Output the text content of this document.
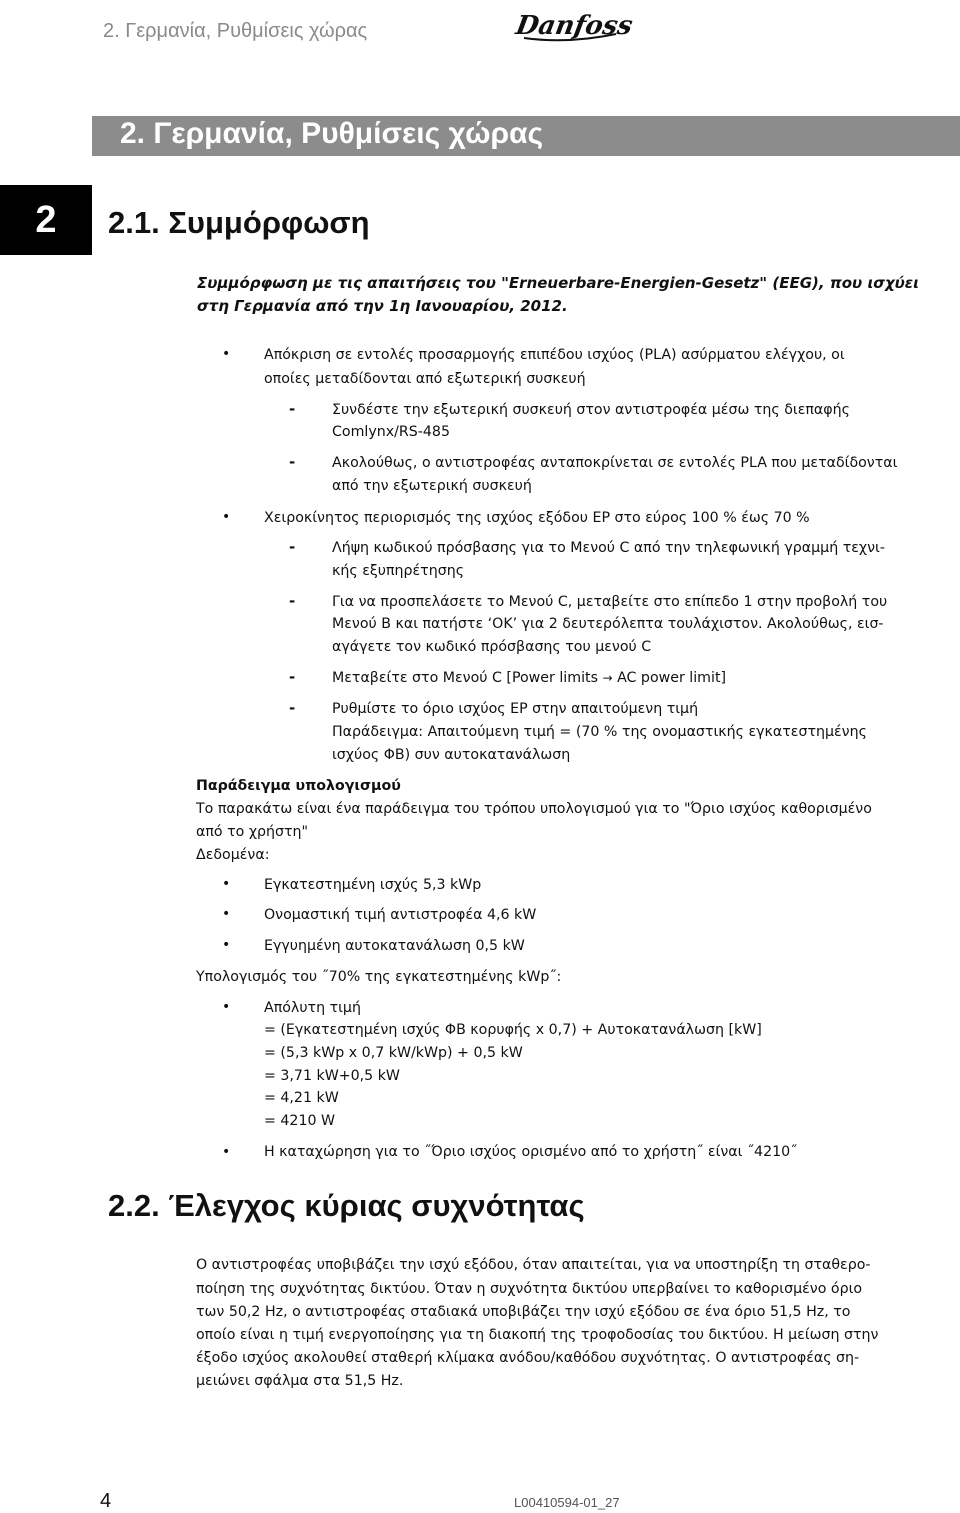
2. Γερμανία, Ρυθμίσεις χώρας	Danfoss
2. Γερμανία, Ρυθμίσεις χώρας
2	2.1. Συμμόρφωση
Συμμόρφωση με τις απαιτήσεις του "Erneuerbare-Energien-Gesetz" (EEG), που ισχύει στη Γερμανία από την 1η Ιανουαρίου, 2012.
• Απόκριση σε εντολές προσαρμογής επιπέδου ισχύος (PLA) ασύρματου ελέγχου, οι
οποίες μεταδίδονται από εξωτερική συσκευή
-	Συνδέστε την εξωτερική συσκευή στον αντιστροφέα μέσω της διεπαφής
Comlynx/RS-485
-	Ακολούθως, ο αντιστροφέας ανταποκρίνεται σε εντολές PLA που μεταδίδονται
από την εξωτερική συσκευή
• Χειροκίνητος περιορισμός της ισχύος εξόδου EP στο εύρος 100 % έως 70 %
-	Λήψη κωδικού πρόσβασης για το Μενού C από την τηλεφωνική γραμμή τεχνι-
κής εξυπηρέτησης
-	Για να προσπελάσετε το Μενού C, μεταβείτε στο επίπεδο 1 στην προβολή του
Μενού B και πατήστε ‘OK’ για 2 δευτερόλεπτα τουλάχιστον. Ακολούθως, εισ-
αγάγετε τον κωδικό πρόσβασης του μενού C
-	Μεταβείτε στο Μενού C [Power limits → AC power limit]
-	Ρυθμίστε το όριο ισχύος EP στην απαιτούμενη τιμή
Παράδειγμα: Απαιτούμενη τιμή = (70 % της ονομαστικής εγκατεστημένης
ισχύος ΦΒ) συν αυτοκατανάλωση
Παράδειγμα υπολογισμού
Το παρακάτω είναι ένα παράδειγμα του τρόπου υπολογισμού για το "Όριο ισχύος καθορισμένο
από το χρήστη"
Δεδομένα:
• Εγκατεστημένη ισχύς 5,3 kWp
• Ονομαστική τιμή αντιστροφέα 4,6 kW
• Εγγυημένη αυτοκατανάλωση 0,5 kW
Υπολογισμός του ˝70% της εγκατεστημένης kWp˝:
• Απόλυτη τιμή
= (Εγκατεστημένη ισχύς ΦΒ κορυφής x 0,7) + Αυτοκατανάλωση [kW]
= (5,3 kWp x 0,7 kW/kWp) + 0,5 kW
= 3,71 kW+0,5 kW
= 4,21 kW
= 4210 W
• Η καταχώρηση για το ˝Όριο ισχύος ορισμένο από το χρήστη˝ είναι ˝4210˝
2.2. Έλεγχος κύριας συχνότητας
Ο αντιστροφέας υποβιβάζει την ισχύ εξόδου, όταν απαιτείται, για να υποστηρίξη τη σταθερο-
ποίηση της συχνότητας δικτύου. Όταν η συχνότητα δικτύου υπερβαίνει το καθορισμένο όριο
των 50,2 Hz, ο αντιστροφέας σταδιακά υποβιβάζει την ισχύ εξόδου σε ένα όριο 51,5 Hz, το
οποίο είναι η τιμή ενεργοποίησης για τη διακοπή της τροφοδοσίας του δικτύου. Η μείωση στην
έξοδο ισχύος ακολουθεί σταθερή κλίμακα ανόδου/καθόδου συχνότητας. Ο αντιστροφέας ση-
μειώνει σφάλμα στα 51,5 Hz.
4	L00410594-01_27
